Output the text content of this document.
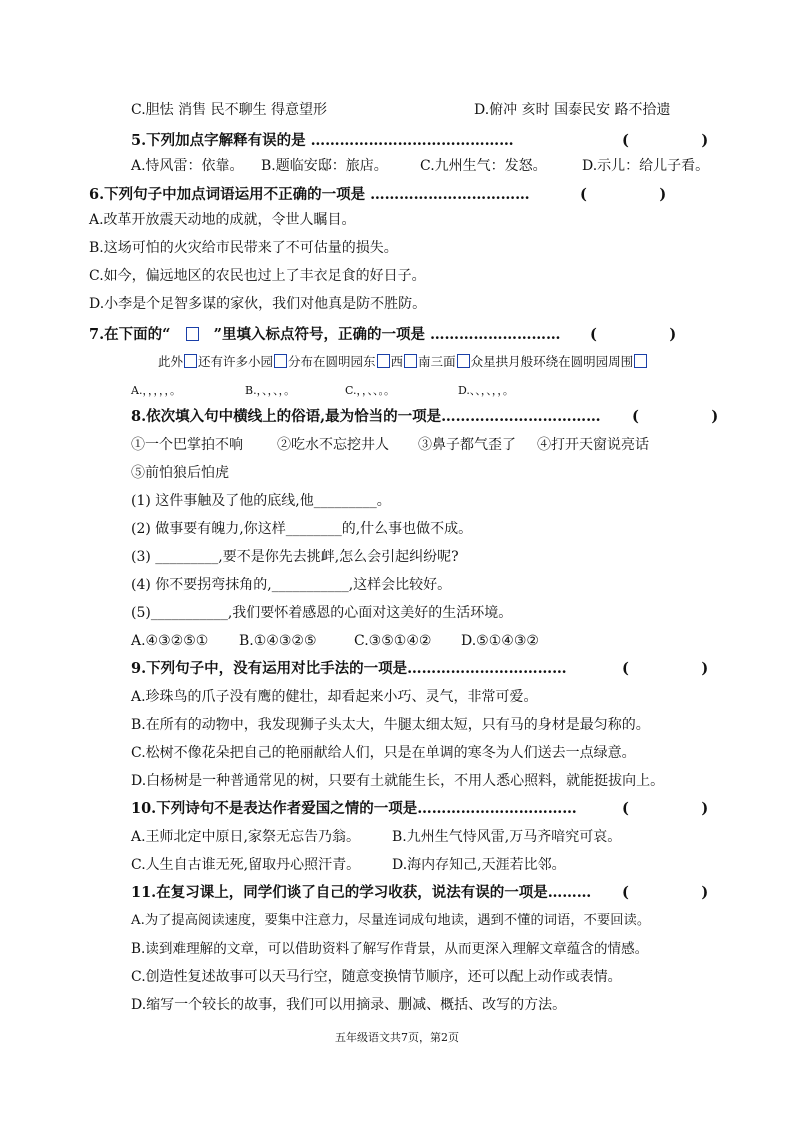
C.胆怯 消售 民不聊生 得意望形	D.俯冲 亥时 国泰民安 路不拾遗
5.下列加点字解释有误的是 ……………………………………	(　　　　　)
A.恃风雷：依靠。 B.题临安邸：旅店。 C.九州生气：发怒。	D.示儿：给儿子看。
6.下列句子中加点词语运用不正确的一项是 ……………………………	(　　　　　)
A.改革开放震天动地的成就，令世人瞩目。
B.这场可怕的火灾给市民带来了不可估量的损失。
C.如今，偏远地区的农民也过上了丰衣足食的好日子。
D.小李是个足智多谋的家伙，我们对他真是防不胜防。
7.在下面的“	”里填入标点符号，正确的一项是 ……………………… (　　　　　)
此外 还有许多小园 分布在圆明园东 西 南三面 众星拱月般环绕在圆明园周围
A.，，，，，。	B.，、，、，。	C.，，、、。。	D.、、，、，，。
8.依次填入句中横线上的俗语,最为恰当的一项是…………………………… (　　　　　)
①一个巴掌拍不响 ②吃水不忘挖井人 ③鼻子都气歪了 ④打开天窗说亮话
⑤前怕狼后怕虎
(1) 这件事触及了他的底线,他_________。
(2) 做事要有魄力,你这样________的,什么事也做不成。
(3) _________,要不是你先去挑衅,怎么会引起纠纷呢?
(4) 你不要拐弯抹角的,___________,这样会比较好。
(5)___________,我们要怀着感恩的心面对这美好的生活环境。
A.④③②⑤① B.①④③②⑤	C.③⑤①④② D.⑤①④③②
9.下列句子中，没有运用对比手法的一项是……………………………	(　　　　　)
A.珍珠鸟的爪子没有鹰的健壮，却看起来小巧、灵气，非常可爱。
B.在所有的动物中，我发现狮子头太大，牛腿太细太短，只有马的身材是最匀称的。
C.松树不像花朵把自己的艳丽献给人们，只是在单调的寒冬为人们送去一点绿意。
D.白杨树是一种普通常见的树，只要有土就能生长，不用人悉心照料，就能挺拔向上。
10.下列诗句不是表达作者爱国之情的一项是……………………………	(　　　　　)
A.王师北定中原日,家祭无忘告乃翁。 B.九州生气恃风雷,万马齐喑究可哀。
C.人生自古谁无死,留取丹心照汗青。 D.海内存知己,天涯若比邻。
11.在复习课上，同学们谈了自己的学习收获，说法有误的一项是……… (　　　　　)
A.为了提高阅读速度，要集中注意力，尽量连词成句地读，遇到不懂的词语，不要回读。
B.读到难理解的文章，可以借助资料了解写作背景，从而更深入理解文章蕴含的情感。
C.创造性复述故事可以天马行空，随意变换情节顺序，还可以配上动作或表情。
D.缩写一个较长的故事，我们可以用摘录、删减、概括、改写的方法。
五年级语文共7页，第2页
